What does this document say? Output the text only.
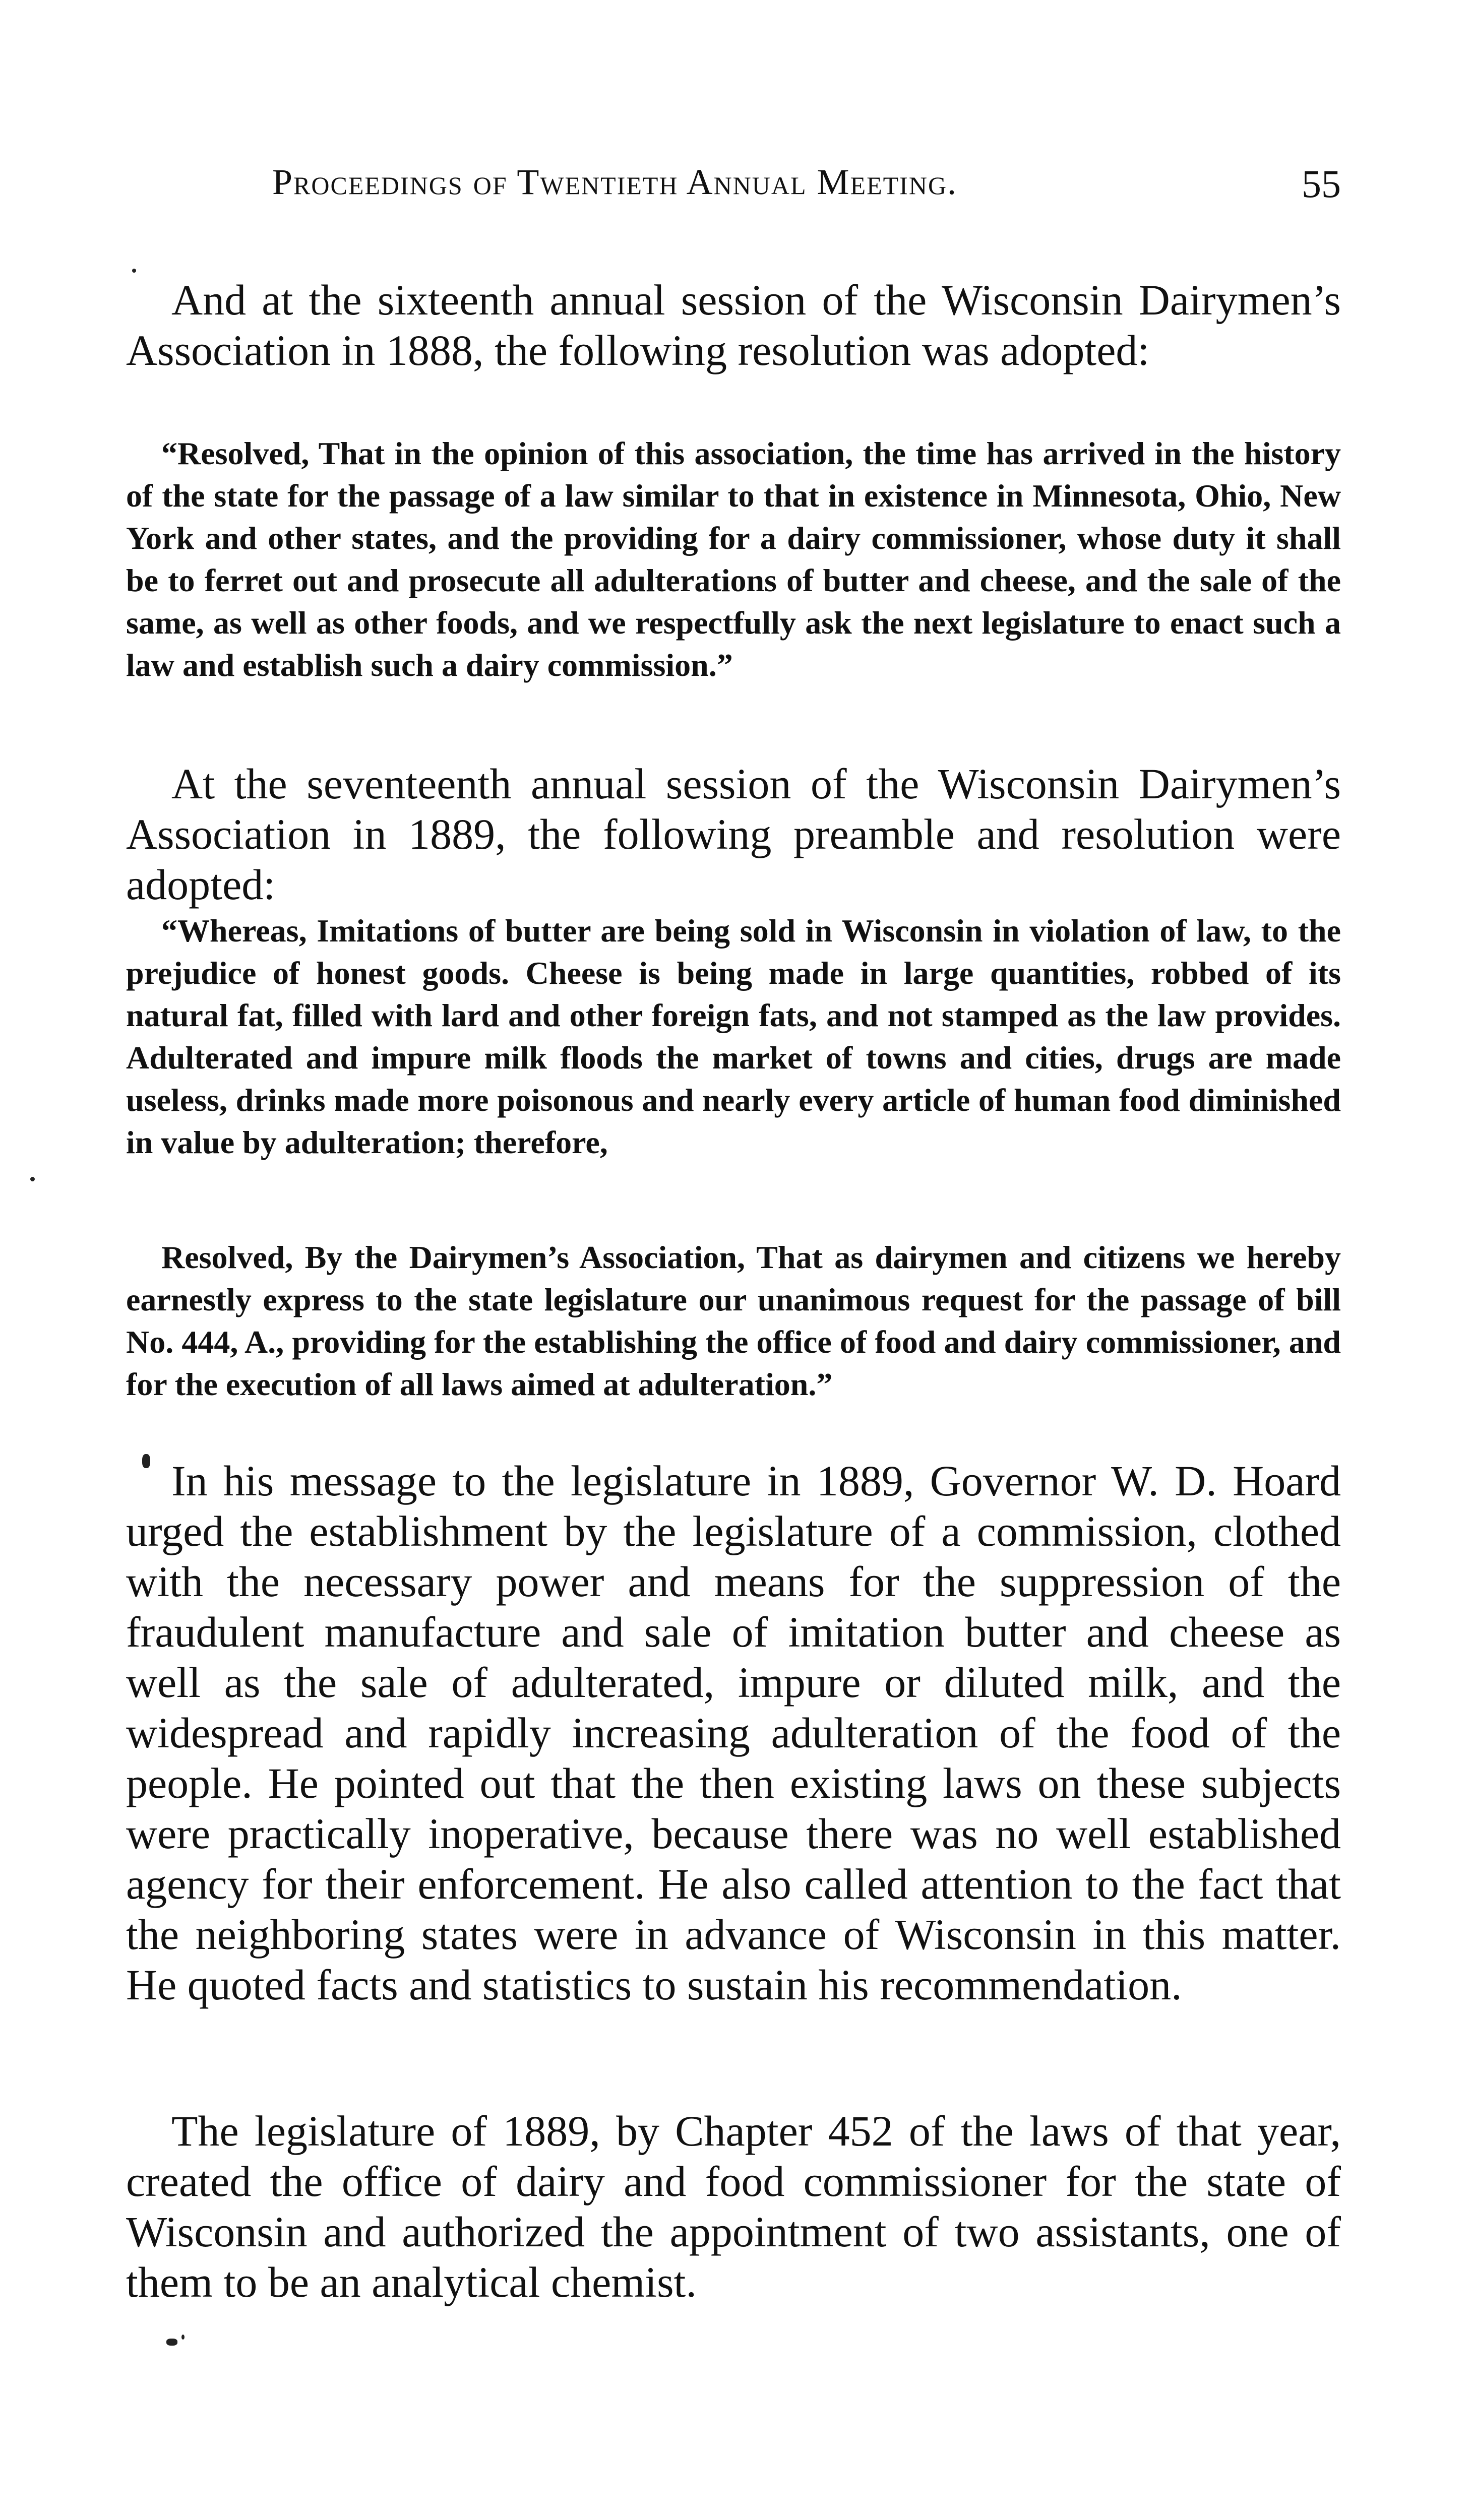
Proceedings of Twentieth Annual Meeting.	55

And at the sixteenth annual session of the Wisconsin Dairymen’s Association in 1888, the following resolution was adopted:

“Resolved, That in the opinion of this association, the time has arrived in the history of the state for the passage of a law similar to that in existence in Minnesota, Ohio, New York and other states, and the providing for a dairy commissioner, whose duty it shall be to ferret out and prosecute all adulterations of butter and cheese, and the sale of the same, as well as other foods, and we respectfully ask the next legislature to enact such a law and establish such a dairy commission.”

At the seventeenth annual session of the Wisconsin Dairymen’s Association in 1889, the following preamble and resolution were adopted:

“Whereas, Imitations of butter are being sold in Wisconsin in violation of law, to the prejudice of honest goods. Cheese is being made in large quantities, robbed of its natural fat, filled with lard and other foreign fats, and not stamped as the law provides. Adulterated and impure milk floods the market of towns and cities, drugs are made useless, drinks made more poisonous and nearly every article of human food diminished in value by adulteration; therefore,

Resolved, By the Dairymen’s Association, That as dairymen and citizens we hereby earnestly express to the state legislature our unanimous request for the passage of bill No. 444, A., providing for the establishing the office of food and dairy commissioner, and for the execution of all laws aimed at adulteration.”

In his message to the legislature in 1889, Governor W. D. Hoard urged the establishment by the legislature of a commission, clothed with the necessary power and means for the suppression of the fraudulent manufacture and sale of imitation butter and cheese as well as the sale of adulterated, impure or diluted milk, and the widespread and rapidly increasing adulteration of the food of the people. He pointed out that the then existing laws on these subjects were practically inoperative, because there was no well established agency for their enforcement. He also called attention to the fact that the neighboring states were in advance of Wisconsin in this matter. He quoted facts and statistics to sustain his recommendation.

The legislature of 1889, by Chapter 452 of the laws of that year, created the office of dairy and food commissioner for the state of Wisconsin and authorized the appointment of two assistants, one of them to be an analytical chemist.
